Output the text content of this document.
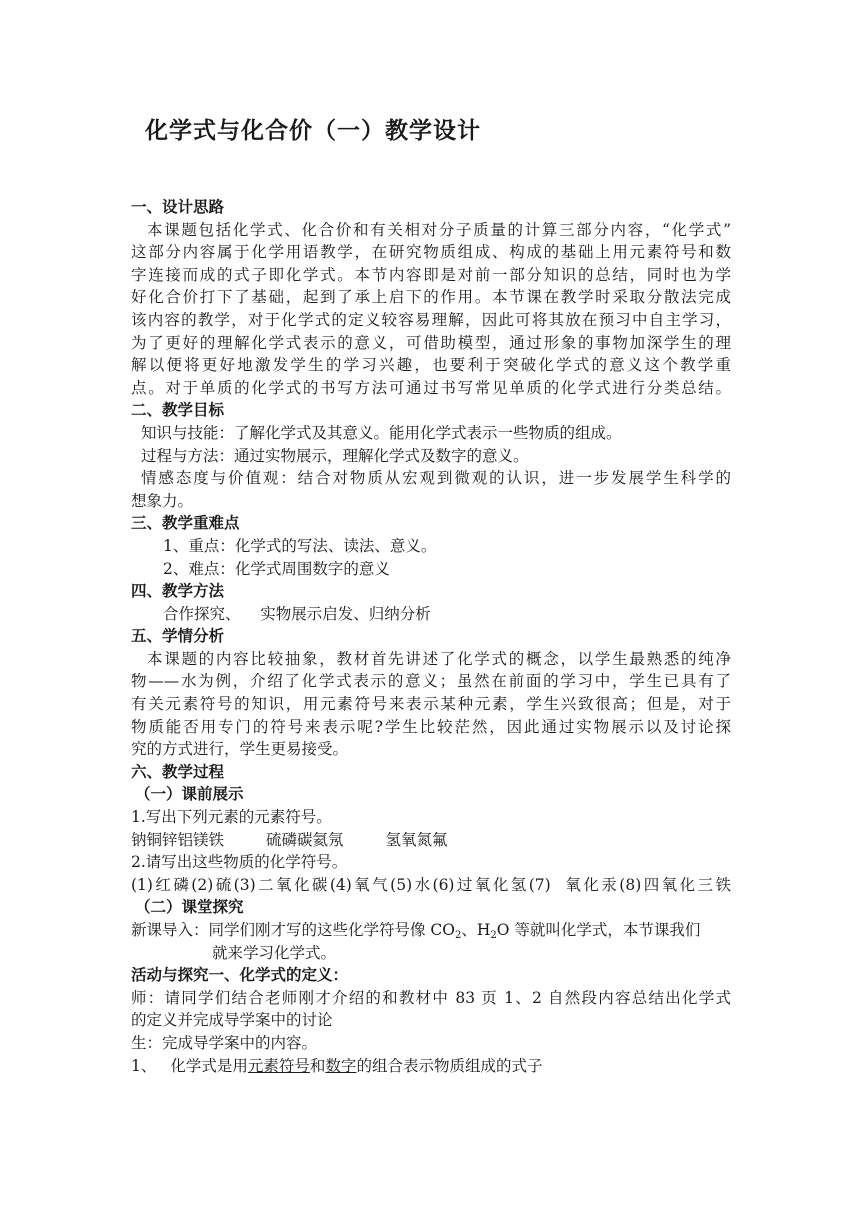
化学式与化合价（一）教学设计
一、设计思路
本课题包括化学式、化合价和有关相对分子质量的计算三部分内容，“化学式”
这部分内容属于化学用语教学，在研究物质组成、构成的基础上用元素符号和数
字连接而成的式子即化学式。本节内容即是对前一部分知识的总结，同时也为学
好化合价打下了基础，起到了承上启下的作用。本节课在教学时采取分散法完成
该内容的教学，对于化学式的定义较容易理解，因此可将其放在预习中自主学习，
为了更好的理解化学式表示的意义，可借助模型，通过形象的事物加深学生的理
解以便将更好地激发学生的学习兴趣，也要利于突破化学式的意义这个教学重
点。对于单质的化学式的书写方法可通过书写常见单质的化学式进行分类总结。
二、教学目标
知识与技能：了解化学式及其意义。能用化学式表示一些物质的组成。
过程与方法：通过实物展示，理解化学式及数字的意义。
情感态度与价值观：结合对物质从宏观到微观的认识，进一步发展学生科学的
想象力。
三、教学重难点
1、重点：化学式的写法、读法、意义。
2、难点：化学式周围数字的意义
四、教学方法
合作探究、    实物展示启发、归纳分析
五、学情分析
本课题的内容比较抽象，教材首先讲述了化学式的概念，以学生最熟悉的纯净
物——水为例，介绍了化学式表示的意义；虽然在前面的学习中，学生已具有了
有关元素符号的知识，用元素符号来表示某种元素，学生兴致很高；但是，对于
物质能否用专门的符号来表示呢?学生比较茫然，因此通过实物展示以及讨论探
究的方式进行，学生更易接受。
六、教学过程
（一）课前展示
1.写出下列元素的元素符号。
钠铜锌铝镁铁	硫磷碳氦氖	氢氧氮氟
2.请写出这些物质的化学符号。
(1)红磷(2)硫(3)二氧化碳(4)氧气(5)水(6)过氧化氢(7)  氧化汞(8)四氧化三铁
（二）课堂探究
新课导入：同学们刚才写的这些化学符号像 $CO_2$、$H_2O$ 等就叫化学式，本节课我们
就来学习化学式。
活动与探究一、化学式的定义：
师：请同学们结合老师刚才介绍的和教材中 83 页 1、2 自然段内容总结出化学式
的定义并完成导学案中的讨论
生：完成导学案中的内容。
1、 化学式是用元素符号和数字的组合表示物质组成的式子
